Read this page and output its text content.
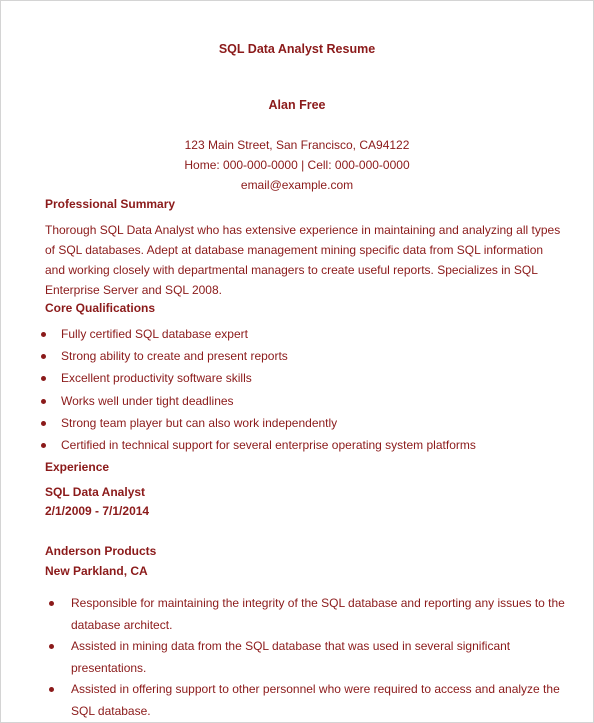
SQL Data Analyst Resume
Alan Free
123 Main Street, San Francisco, CA94122
Home: 000-000-0000 | Cell: 000-000-0000
email@example.com
Professional Summary
Thorough SQL Data Analyst who has extensive experience in maintaining and analyzing all types of SQL databases. Adept at database management mining specific data from SQL information and working closely with departmental managers to create useful reports. Specializes in SQL Enterprise Server and SQL 2008.
Core Qualifications
Fully certified SQL database expert
Strong ability to create and present reports
Excellent productivity software skills
Works well under tight deadlines
Strong team player but can also work independently
Certified in technical support for several enterprise operating system platforms
Experience
SQL Data Analyst
2/1/2009 - 7/1/2014
Anderson Products
New Parkland, CA
Responsible for maintaining the integrity of the SQL database and reporting any issues to the database architect.
Assisted in mining data from the SQL database that was used in several significant presentations.
Assisted in offering support to other personnel who were required to access and analyze the SQL database.
